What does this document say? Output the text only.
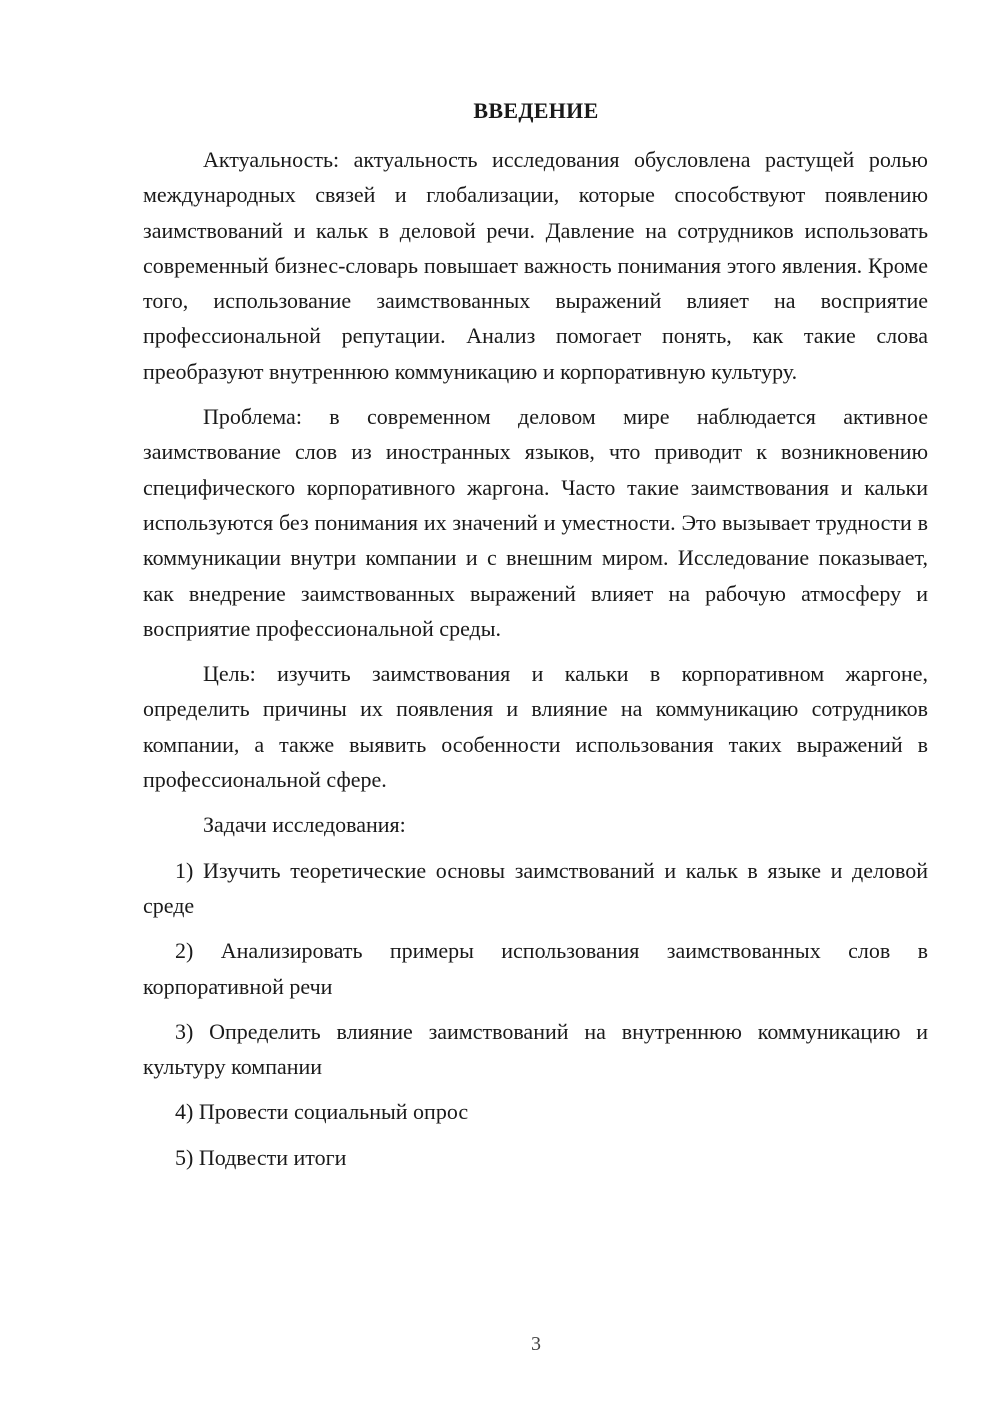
ВВЕДЕНИЕ

Актуальность: актуальность исследования обусловлена растущей ролью международных связей и глобализации, которые способствуют появлению заимствований и кальк в деловой речи. Давление на сотрудников использовать современный бизнес-словарь повышает важность понимания этого явления. Кроме того, использование заимствованных выражений влияет на восприятие профессиональной репутации. Анализ помогает понять, как такие слова преобразуют внутреннюю коммуникацию и корпоративную культуру.

Проблема: в современном деловом мире наблюдается активное заимствование слов из иностранных языков, что приводит к возникновению специфического корпоративного жаргона. Часто такие заимствования и кальки используются без понимания их значений и уместности. Это вызывает трудности в коммуникации внутри компании и с внешним миром. Исследование показывает, как внедрение заимствованных выражений влияет на рабочую атмосферу и восприятие профессиональной среды.

Цель: изучить заимствования и кальки в корпоративном жаргоне, определить причины их появления и влияние на коммуникацию сотрудников компании, а также выявить особенности использования таких выражений в профессиональной сфере.

Задачи исследования:

1) Изучить теоретические основы заимствований и кальк в языке и деловой среде

2) Анализировать примеры использования заимствованных слов в корпоративной речи

3) Определить влияние заимствований на внутреннюю коммуникацию и культуру компании

4) Провести социальный опрос

5) Подвести итоги

3
